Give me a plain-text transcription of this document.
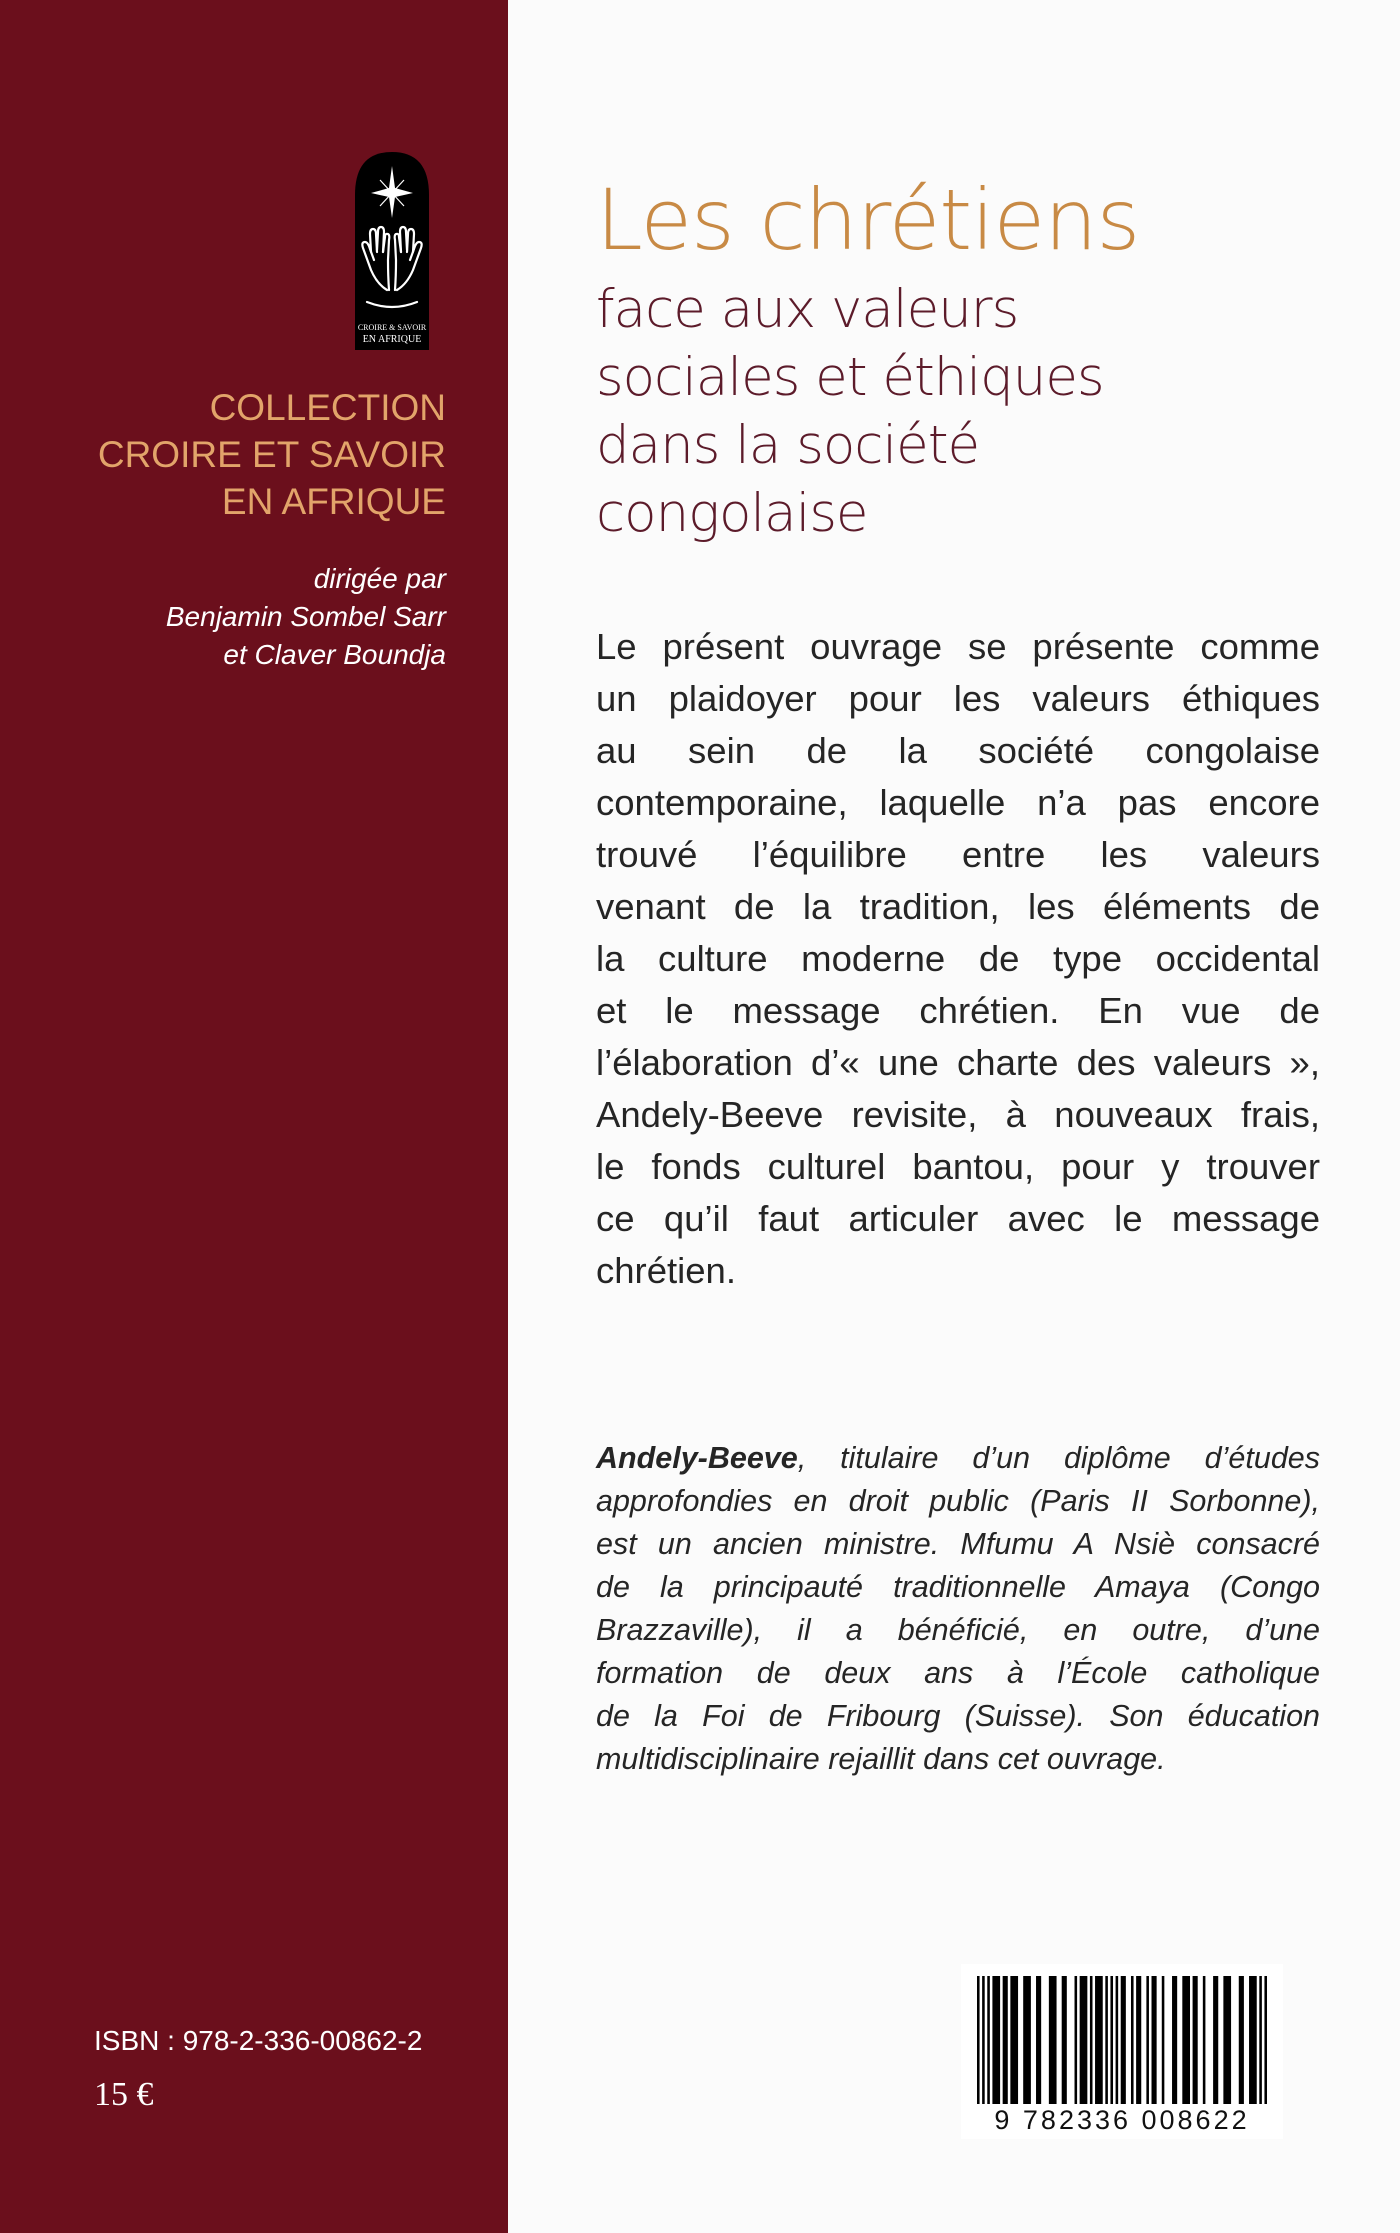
CROIRE & SAVOIR
EN AFRIQUE
COLLECTION
CROIRE ET SAVOIR
EN AFRIQUE
dirigée par
Benjamin Sombel Sarr
et Claver Boundja
ISBN : 978-2-336-00862-2
15 €
Les chrétiens
face aux valeurs
sociales et éthiques
dans la société
congolaise
Le présent ouvrage se présente comme
un plaidoyer pour les valeurs éthiques
au sein de la société congolaise
contemporaine, laquelle n’a pas encore
trouvé l’équilibre entre les valeurs
venant de la tradition, les éléments de
la culture moderne de type occidental
et le message chrétien. En vue de
l’élaboration d’« une charte des valeurs »,
Andely-Beeve revisite, à nouveaux frais,
le fonds culturel bantou, pour y trouver
ce qu’il faut articuler avec le message
chrétien.
Andely-Beeve, titulaire d’un diplôme d’études
approfondies en droit public (Paris II Sorbonne),
est un ancien ministre. Mfumu A Nsiè consacré
de la principauté traditionnelle Amaya (Congo
Brazzaville), il a bénéficié, en outre, d’une
formation de deux ans à l’École catholique
de la Foi de Fribourg (Suisse). Son éducation
multidisciplinaire rejaillit dans cet ouvrage.
9 782336 008622
